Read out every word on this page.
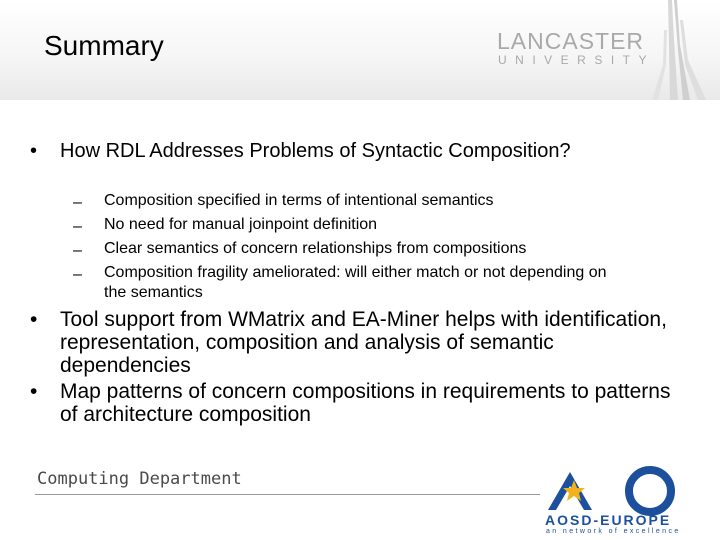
Summary	LANCASTER
UNIVERSITY
• How RDL Addresses Problems of Syntactic Composition?
– Composition specified in terms of intentional semantics
– No need for manual joinpoint definition
– Clear semantics of concern relationships from compositions
– Composition fragility ameliorated: will either match or not depending on the semantics
• Tool support from WMatrix and EA-Miner helps with identification, representation, composition and analysis of semantic dependencies
• Map patterns of concern compositions in requirements to patterns of architecture composition
Computing Department
AOSD-EUROPE
an network of excellence
